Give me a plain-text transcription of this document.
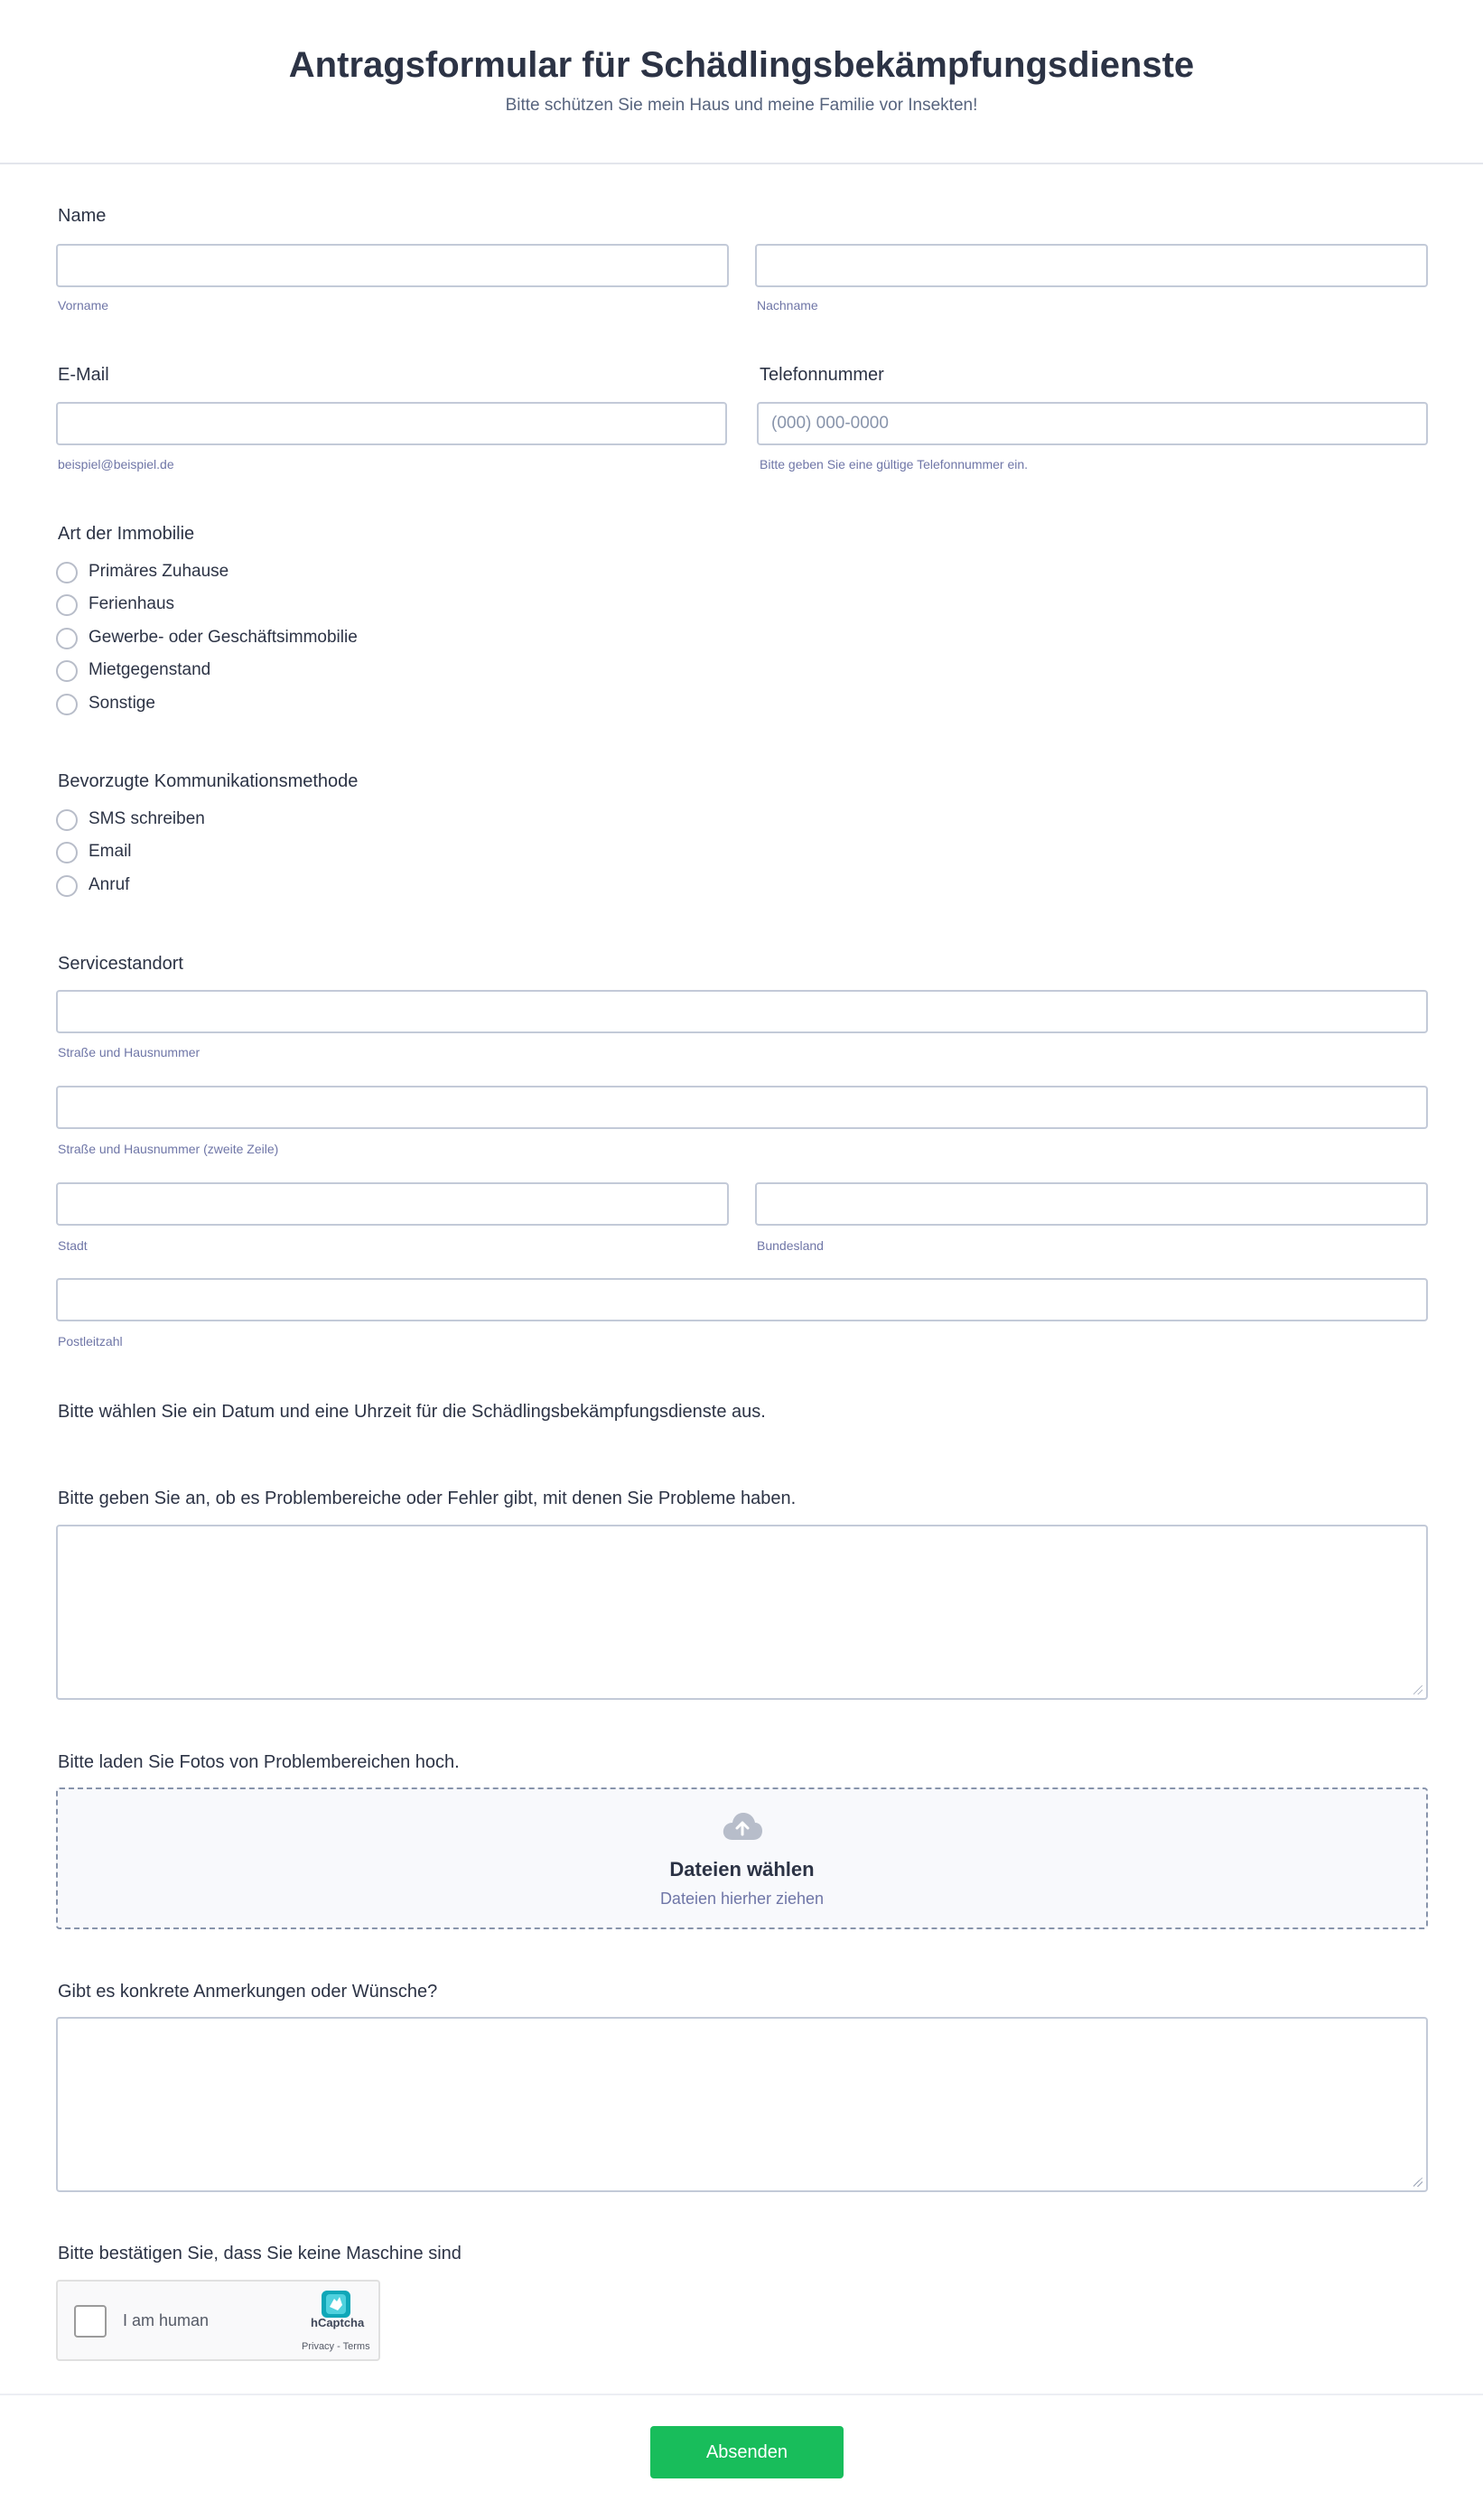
Antragsformular für Schädlingsbekämpfungsdienste
Bitte schützen Sie mein Haus und meine Familie vor Insekten!
Name
Vorname	Nachname
E-Mail
beispiel@beispiel.de
Telefonnummer
(000) 000-0000
Bitte geben Sie eine gültige Telefonnummer ein.
Art der Immobilie
Primäres Zuhause
Ferienhaus
Gewerbe- oder Geschäftsimmobilie
Mietgegenstand
Sonstige
Bevorzugte Kommunikationsmethode
SMS schreiben
Email
Anruf
Servicestandort
Straße und Hausnummer
Straße und Hausnummer (zweite Zeile)
Stadt	Bundesland
Postleitzahl
Bitte wählen Sie ein Datum und eine Uhrzeit für die Schädlingsbekämpfungsdienste aus.
Bitte geben Sie an, ob es Problembereiche oder Fehler gibt, mit denen Sie Probleme haben.
Bitte laden Sie Fotos von Problembereichen hoch.
Dateien wählen
Dateien hierher ziehen
Gibt es konkrete Anmerkungen oder Wünsche?
Bitte bestätigen Sie, dass Sie keine Maschine sind
I am human	hCaptcha
Privacy - Terms
Absenden
